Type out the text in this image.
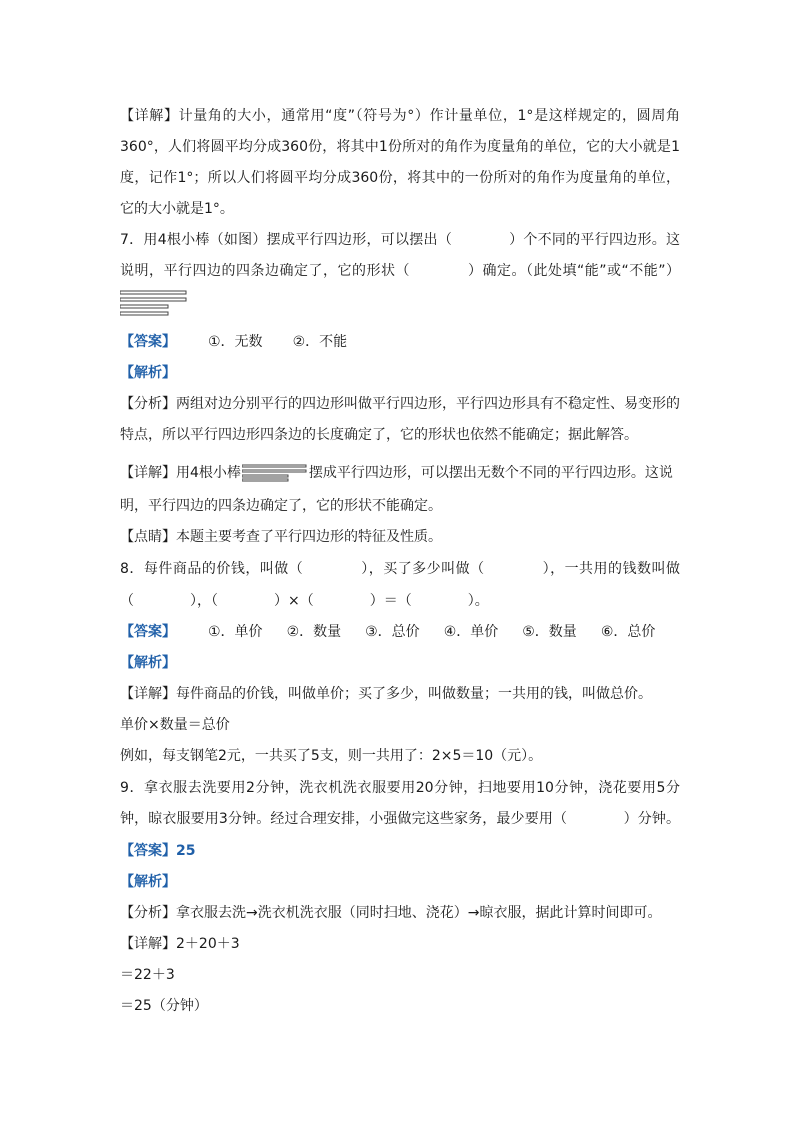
【详解】计量角的大小，通常用“度”（符号为°）作计量单位，1°是这样规定的，圆周角
360°，人们将圆平均分成360份，将其中1份所对的角作为度量角的单位，它的大小就是1
度，记作1°；所以人们将圆平均分成360份，将其中的一份所对的角作为度量角的单位，
它的大小就是1°。
7．用4根小棒（如图）摆成平行四边形，可以摆出（　　　　）个不同的平行四边形。这
说明，平行四边的四条边确定了，它的形状（　　　　）确定。（此处填“能”或“不能”）
【答案】 ①．无数 ②．不能
【解析】
【分析】两组对边分别平行的四边形叫做平行四边形，平行四边形具有不稳定性、易变形的
特点，所以平行四边形四条边的长度确定了，它的形状也依然不能确定；据此解答。
【详解】用4根小棒	摆成平行四边形，可以摆出无数个不同的平行四边形。这说
明，平行四边的四条边确定了，它的形状不能确定。
【点睛】本题主要考查了平行四边形的特征及性质。
8．每件商品的价钱，叫做（　　　　），买了多少叫做（　　　　），一共用的钱数叫做
（　　　　），（　　　　）×（　　　　）＝（　　　　）。
【答案】 ①．单价 ②．数量 ③．总价 ④．单价 ⑤．数量 ⑥．总价
【解析】
【详解】每件商品的价钱，叫做单价；买了多少，叫做数量；一共用的钱，叫做总价。
单价×数量＝总价
例如，每支钢笔2元，一共买了5支，则一共用了：2×5＝10（元）。
9．拿衣服去洗要用2分钟，洗衣机洗衣服要用20分钟，扫地要用10分钟，浇花要用5分
钟，晾衣服要用3分钟。经过合理安排，小强做完这些家务，最少要用（　　　　）分钟。
【答案】25
【解析】
【分析】拿衣服去洗→洗衣机洗衣服（同时扫地、浇花）→晾衣服，据此计算时间即可。
【详解】2＋20＋3
＝22＋3
＝25（分钟）
